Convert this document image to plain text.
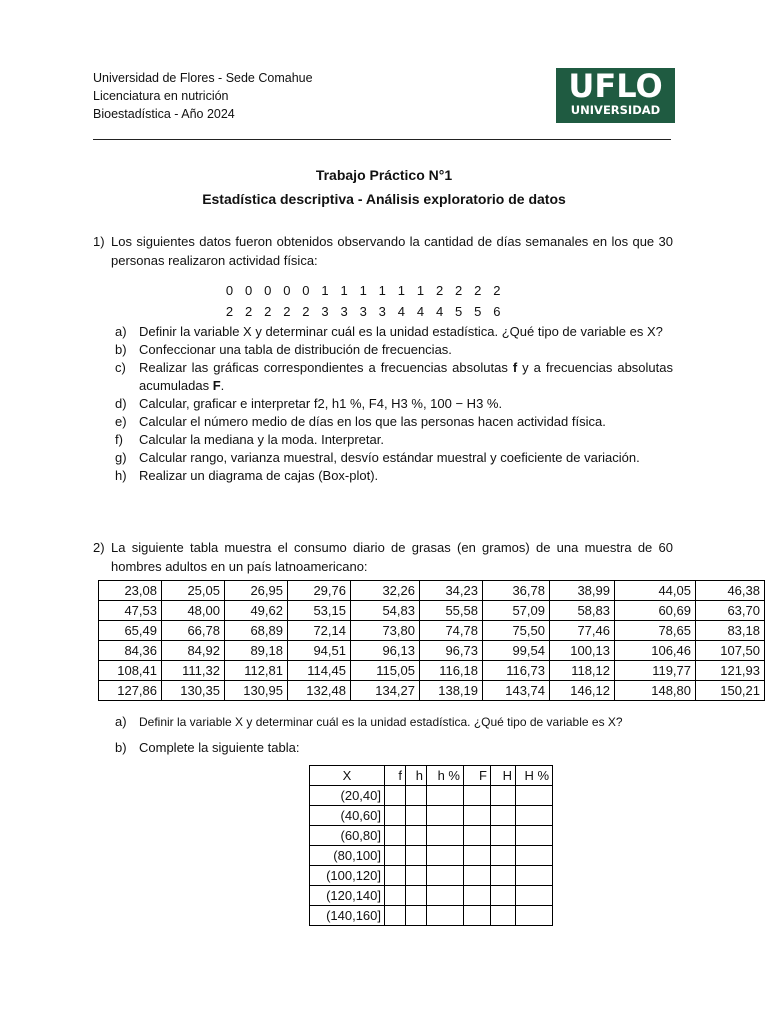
Universidad de Flores - Sede Comahue
Licenciatura en nutrición
Bioestadística - Año 2024
UFLO
UNIVERSIDAD
Trabajo Práctico N°1
Estadística descriptiva - Análisis exploratorio de datos
1) Los siguientes datos fueron obtenidos observando la cantidad de días semanales en los que 30 personas realizaron actividad física:
0 0 0 0 0 1 1 1 1 1 1 2 2 2 2
2 2 2 2 2 3 3 3 3 4 4 4 5 5 6
a) Definir la variable X y determinar cuál es la unidad estadística. ¿Qué tipo de variable es X?
b) Confeccionar una tabla de distribución de frecuencias.
c) Realizar las gráficas correspondientes a frecuencias absolutas f y a frecuencias absolutas acumuladas F.
d) Calcular, graficar e interpretar f2, h1 %, F4, H3 %, 100 − H3 %.
e) Calcular el número medio de días en los que las personas hacen actividad física.
f) Calcular la mediana y la moda. Interpretar.
g) Calcular rango, varianza muestral, desvío estándar muestral y coeficiente de variación.
h) Realizar un diagrama de cajas (Box-plot).
2) La siguiente tabla muestra el consumo diario de grasas (en gramos) de una muestra de 60 hombres adultos en un país latnoamericano:
23,08	25,05	26,95	29,76	32,26	34,23	36,78	38,99	44,05	46,38
47,53	48,00	49,62	53,15	54,83	55,58	57,09	58,83	60,69	63,70
65,49	66,78	68,89	72,14	73,80	74,78	75,50	77,46	78,65	83,18
84,36	84,92	89,18	94,51	96,13	96,73	99,54	100,13	106,46	107,50
108,41	111,32	112,81	114,45	115,05	116,18	116,73	118,12	119,77	121,93
127,86	130,35	130,95	132,48	134,27	138,19	143,74	146,12	148,80	150,21
a) Definir la variable X y determinar cuál es la unidad estadística. ¿Qué tipo de variable es X?
b) Complete la siguiente tabla:
X	f	h	h %	F	H	H %
(20,40]						
(40,60]						
(60,80]						
(80,100]						
(100,120]						
(120,140]						
(140,160]						
